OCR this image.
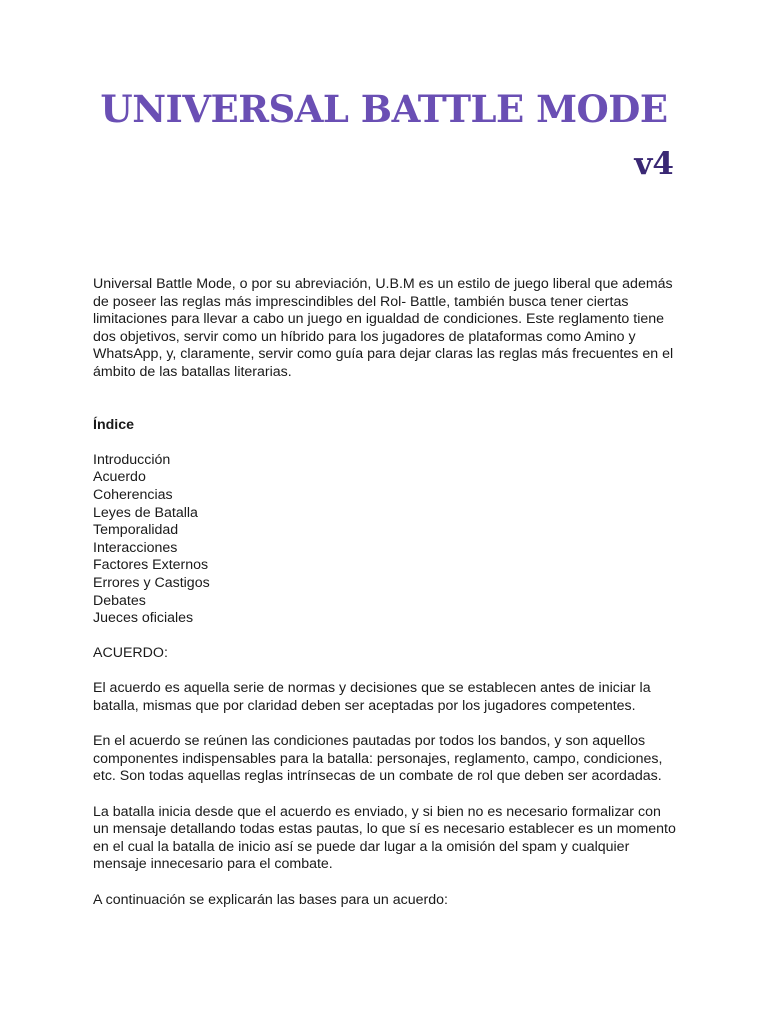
UNIVERSAL BATTLE MODE
v4

Universal Battle Mode, o por su abreviación, U.B.M es un estilo de juego liberal que además de poseer las reglas más imprescindibles del Rol- Battle, también busca tener ciertas limitaciones para llevar a cabo un juego en igualdad de condiciones. Este reglamento tiene dos objetivos, servir como un híbrido para los jugadores de plataformas como Amino y WhatsApp, y, claramente, servir como guía para dejar claras las reglas más frecuentes en el ámbito de las batallas literarias.

Índice

Introducción
Acuerdo
Coherencias
Leyes de Batalla
Temporalidad
Interacciones
Factores Externos
Errores y Castigos
Debates
Jueces oficiales

ACUERDO:

El acuerdo es aquella serie de normas y decisiones que se establecen antes de iniciar la batalla, mismas que por claridad deben ser aceptadas por los jugadores competentes.

En el acuerdo se reúnen las condiciones pautadas por todos los bandos, y son aquellos componentes indispensables para la batalla: personajes, reglamento, campo, condiciones, etc. Son todas aquellas reglas intrínsecas de un combate de rol que deben ser acordadas.

La batalla inicia desde que el acuerdo es enviado, y si bien no es necesario formalizar con un mensaje detallando todas estas pautas, lo que sí es necesario establecer es un momento en el cual la batalla de inicio así se puede dar lugar a la omisión del spam y cualquier mensaje innecesario para el combate.

A continuación se explicarán las bases para un acuerdo:
